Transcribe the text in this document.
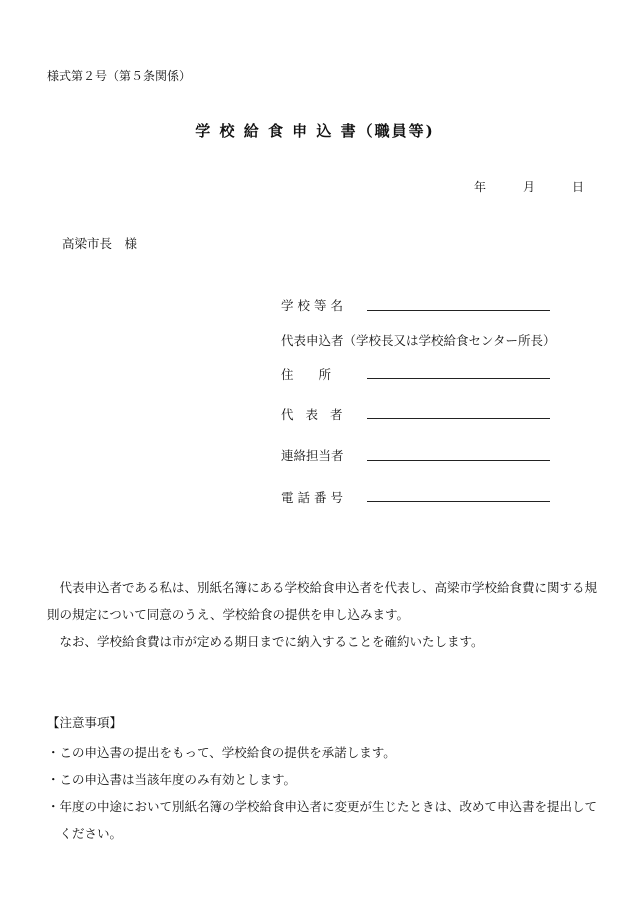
様式第２号（第５条関係）
学 校 給 食 申 込 書（職員等)
年	月	日
高梁市長　様
学校等名
代表申込者（学校長又は学校給食センター所長）
住　　所
代 表 者
連絡担当者
電話番号
　代表申込者である私は、別紙名簿にある学校給食申込者を代表し、高梁市学校給食費に関する規
則の規定について同意のうえ、学校給食の提供を申し込みます。
　なお、学校給食費は市が定める期日までに納入することを確約いたします。
【注意事項】
・この申込書の提出をもって、学校給食の提供を承諾します。
・この申込書は当該年度のみ有効とします。
・年度の中途において別紙名簿の学校給食申込者に変更が生じたときは、改めて申込書を提出して
　ください。
